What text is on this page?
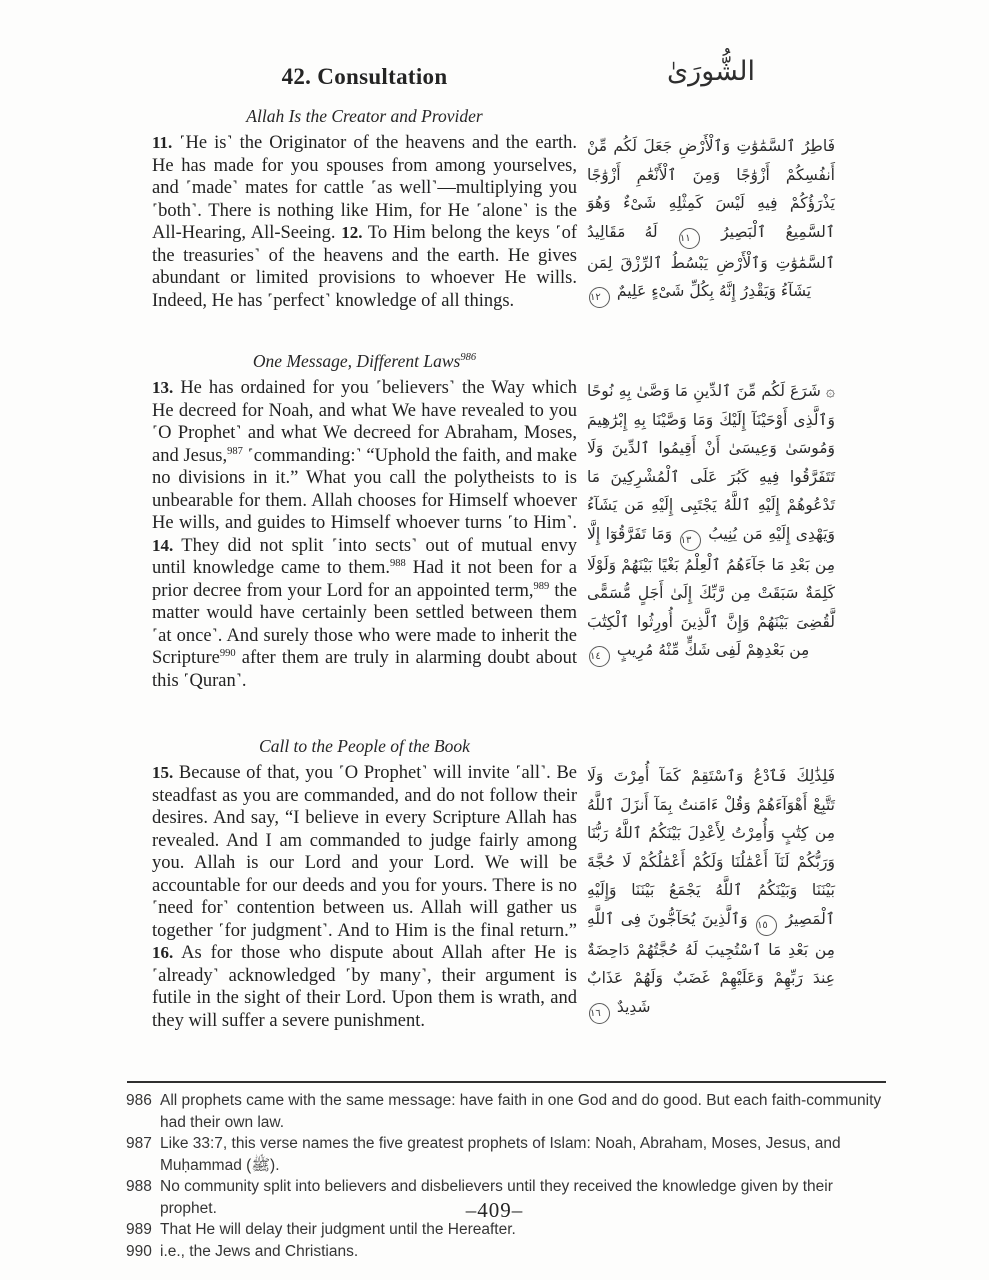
42. Consultation	الشُّورَىٰ
Allah Is the Creator and Provider

11. ˹He is˺ the Originator of the heavens and the earth. He has made for you spouses from among yourselves, and ˹made˺ mates for cattle ˹as well˺—multiplying you ˹both˺. There is nothing like Him, for He ˹alone˺ is the All-Hearing, All-Seeing. 12. To Him belong the keys ˹of the treasuries˺ of the heavens and the earth. He gives abundant or limited provisions to whoever He wills. Indeed, He has ˹perfect˺ knowledge of all things.

فَاطِرُ ٱلسَّمَٰوَٰتِ وَٱلْأَرْضِ جَعَلَ لَكُم مِّنْ أَنفُسِكُمْ أَزْوَٰجًا وَمِنَ ٱلْأَنْعَٰمِ أَزْوَٰجًا يَذْرَؤُكُمْ فِيهِ لَيْسَ كَمِثْلِهِ شَىْءٌ وَهُوَ ٱلسَّمِيعُ ٱلْبَصِيرُ ١١ لَهُ مَقَالِيدُ ٱلسَّمَٰوَٰتِ وَٱلْأَرْضِ يَبْسُطُ ٱلرِّزْقَ لِمَن يَشَآءُ وَيَقْدِرُ إِنَّهُ بِكُلِّ شَىْءٍ عَلِيمٌ ١٢

One Message, Different Laws$^{986}$

13. He has ordained for you ˹believers˺ the Way which He decreed for Noah, and what We have revealed to you ˹O Prophet˺ and what We decreed for Abraham, Moses, and Jesus,$^{987}$ ˹commanding:˺ “Uphold the faith, and make no divisions in it.” What you call the polytheists to is unbearable for them. Allah chooses for Himself whoever He wills, and guides to Himself whoever turns ˹to Him˺. 14. They did not split ˹into sects˺ out of mutual envy until knowledge came to them.$^{988}$ Had it not been for a prior decree from your Lord for an appointed term,$^{989}$ the matter would have certainly been settled between them ˹at once˺. And surely those who were made to inherit the Scripture$^{990}$ after them are truly in alarming doubt about this ˹Quran˺.

۞ شَرَعَ لَكُم مِّنَ ٱلدِّينِ مَا وَصَّىٰ بِهِ نُوحًا وَٱلَّذِى أَوْحَيْنَآ إِلَيْكَ وَمَا وَصَّيْنَا بِهِ إِبْرَٰهِيمَ وَمُوسَىٰ وَعِيسَىٰ أَنْ أَقِيمُوا ٱلدِّينَ وَلَا تَتَفَرَّقُوا فِيهِ كَبُرَ عَلَى ٱلْمُشْرِكِينَ مَا تَدْعُوهُمْ إِلَيْهِ ٱللَّهُ يَجْتَبِى إِلَيْهِ مَن يَشَآءُ وَيَهْدِى إِلَيْهِ مَن يُنِيبُ ١٣ وَمَا تَفَرَّقُوٓا إِلَّا مِن بَعْدِ مَا جَآءَهُمُ ٱلْعِلْمُ بَغْيًا بَيْنَهُمْ وَلَوْلَا كَلِمَةٌ سَبَقَتْ مِن رَّبِّكَ إِلَىٰ أَجَلٍ مُّسَمًّى لَّقُضِىَ بَيْنَهُمْ وَإِنَّ ٱلَّذِينَ أُورِثُوا ٱلْكِتَٰبَ مِن بَعْدِهِمْ لَفِى شَكٍّ مِّنْهُ مُرِيبٍ ١٤

Call to the People of the Book

15. Because of that, you ˹O Prophet˺ will invite ˹all˺. Be steadfast as you are commanded, and do not follow their desires. And say, “I believe in every Scripture Allah has revealed. And I am commanded to judge fairly among you. Allah is our Lord and your Lord. We will be accountable for our deeds and you for yours. There is no ˹need for˺ contention between us. Allah will gather us together ˹for judgment˺. And to Him is the final return.” 16. As for those who dispute about Allah after He is ˹already˺ acknowledged ˹by many˺, their argument is futile in the sight of their Lord. Upon them is wrath, and they will suffer a severe punishment.

فَلِذَٰلِكَ فَٱدْعُ وَٱسْتَقِمْ كَمَآ أُمِرْتَ وَلَا تَتَّبِعْ أَهْوَآءَهُمْ وَقُلْ ءَامَنتُ بِمَآ أَنزَلَ ٱللَّهُ مِن كِتَٰبٍ وَأُمِرْتُ لِأَعْدِلَ بَيْنَكُمُ ٱللَّهُ رَبُّنَا وَرَبُّكُمْ لَنَآ أَعْمَٰلُنَا وَلَكُمْ أَعْمَٰلُكُمْ لَا حُجَّةَ بَيْنَنَا وَبَيْنَكُمُ ٱللَّهُ يَجْمَعُ بَيْنَنَا وَإِلَيْهِ ٱلْمَصِيرُ ١٥ وَٱلَّذِينَ يُحَآجُّونَ فِى ٱللَّهِ مِن بَعْدِ مَا ٱسْتُجِيبَ لَهُ حُجَّتُهُمْ دَاحِضَةٌ عِندَ رَبِّهِمْ وَعَلَيْهِمْ غَضَبٌ وَلَهُمْ عَذَابٌ شَدِيدٌ ١٦

986 All prophets came with the same message: have faith in one God and do good. But each faith-community had their own law.
987 Like 33:7, this verse names the five greatest prophets of Islam: Noah, Abraham, Moses, Jesus, and Muḥammad (ﷺ).
988 No community split into believers and disbelievers until they received the knowledge given by their prophet.
989 That He will delay their judgment until the Hereafter.
990 i.e., the Jews and Christians.
–409–
